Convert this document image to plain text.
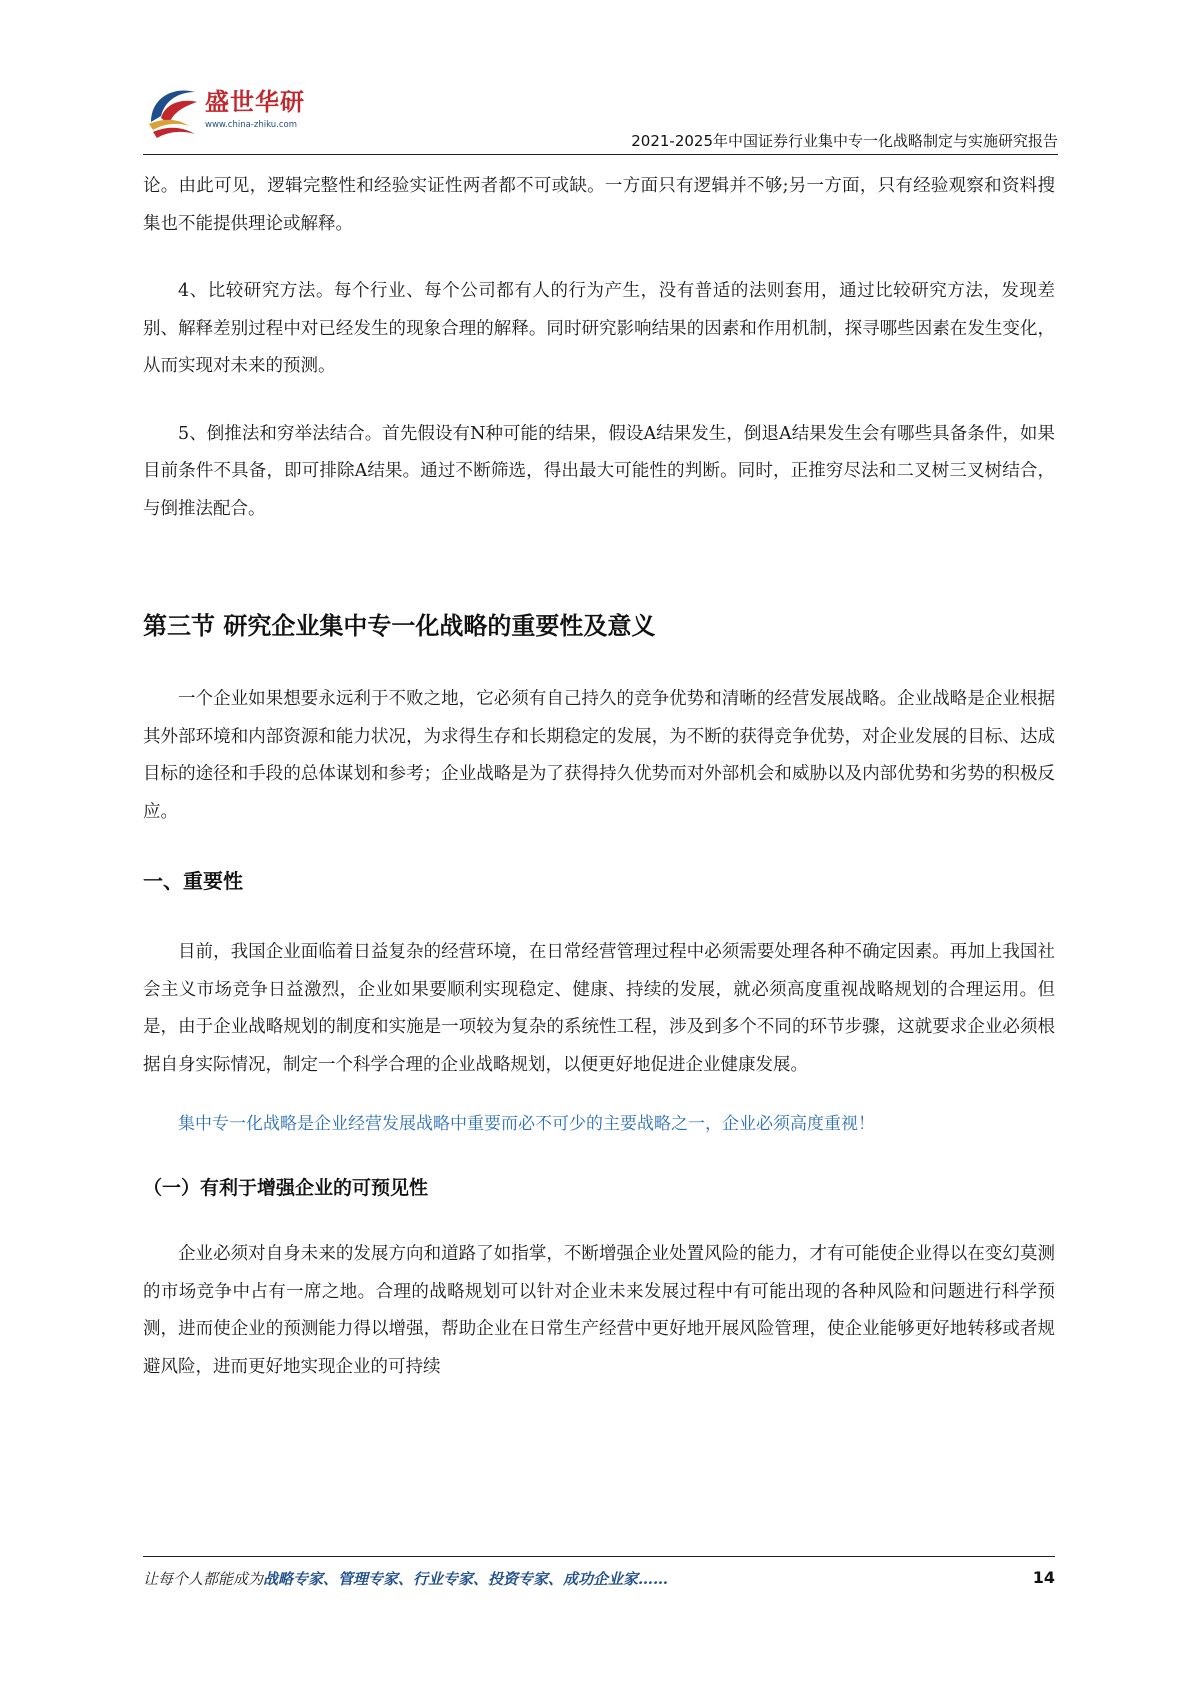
盛世华研
www.china-zhiku.com
2021-2025年中国证券行业集中专一化战略制定与实施研究报告

论。由此可见，逻辑完整性和经验实证性两者都不可或缺。一方面只有逻辑并不够;另一方面，只有经验观察和资料搜集也不能提供理论或解释。

4、比较研究方法。每个行业、每个公司都有人的行为产生，没有普适的法则套用，通过比较研究方法，发现差别、解释差别过程中对已经发生的现象合理的解释。同时研究影响结果的因素和作用机制，探寻哪些因素在发生变化，从而实现对未来的预测。

5、倒推法和穷举法结合。首先假设有N种可能的结果，假设A结果发生，倒退A结果发生会有哪些具备条件，如果目前条件不具备，即可排除A结果。通过不断筛选，得出最大可能性的判断。同时，正推穷尽法和二叉树三叉树结合，与倒推法配合。

第三节 研究企业集中专一化战略的重要性及意义

一个企业如果想要永远利于不败之地，它必须有自己持久的竞争优势和清晰的经营发展战略。企业战略是企业根据其外部环境和内部资源和能力状况，为求得生存和长期稳定的发展，为不断的获得竞争优势，对企业发展的目标、达成目标的途径和手段的总体谋划和参考；企业战略是为了获得持久优势而对外部机会和威胁以及内部优势和劣势的积极反应。

一、重要性

目前，我国企业面临着日益复杂的经营环境，在日常经营管理过程中必须需要处理各种不确定因素。再加上我国社会主义市场竞争日益激烈，企业如果要顺利实现稳定、健康、持续的发展，就必须高度重视战略规划的合理运用。但是，由于企业战略规划的制度和实施是一项较为复杂的系统性工程，涉及到多个不同的环节步骤，这就要求企业必须根据自身实际情况，制定一个科学合理的企业战略规划，以便更好地促进企业健康发展。

集中专一化战略是企业经营发展战略中重要而必不可少的主要战略之一，企业必须高度重视！

（一）有利于增强企业的可预见性

企业必须对自身未来的发展方向和道路了如指掌，不断增强企业处置风险的能力，才有可能使企业得以在变幻莫测的市场竞争中占有一席之地。合理的战略规划可以针对企业未来发展过程中有可能出现的各种风险和问题进行科学预测，进而使企业的预测能力得以增强，帮助企业在日常生产经营中更好地开展风险管理，使企业能够更好地转移或者规避风险，进而更好地实现企业的可持续

让每个人都能成为战略专家、管理专家、行业专家、投资专家、成功企业家……	14
